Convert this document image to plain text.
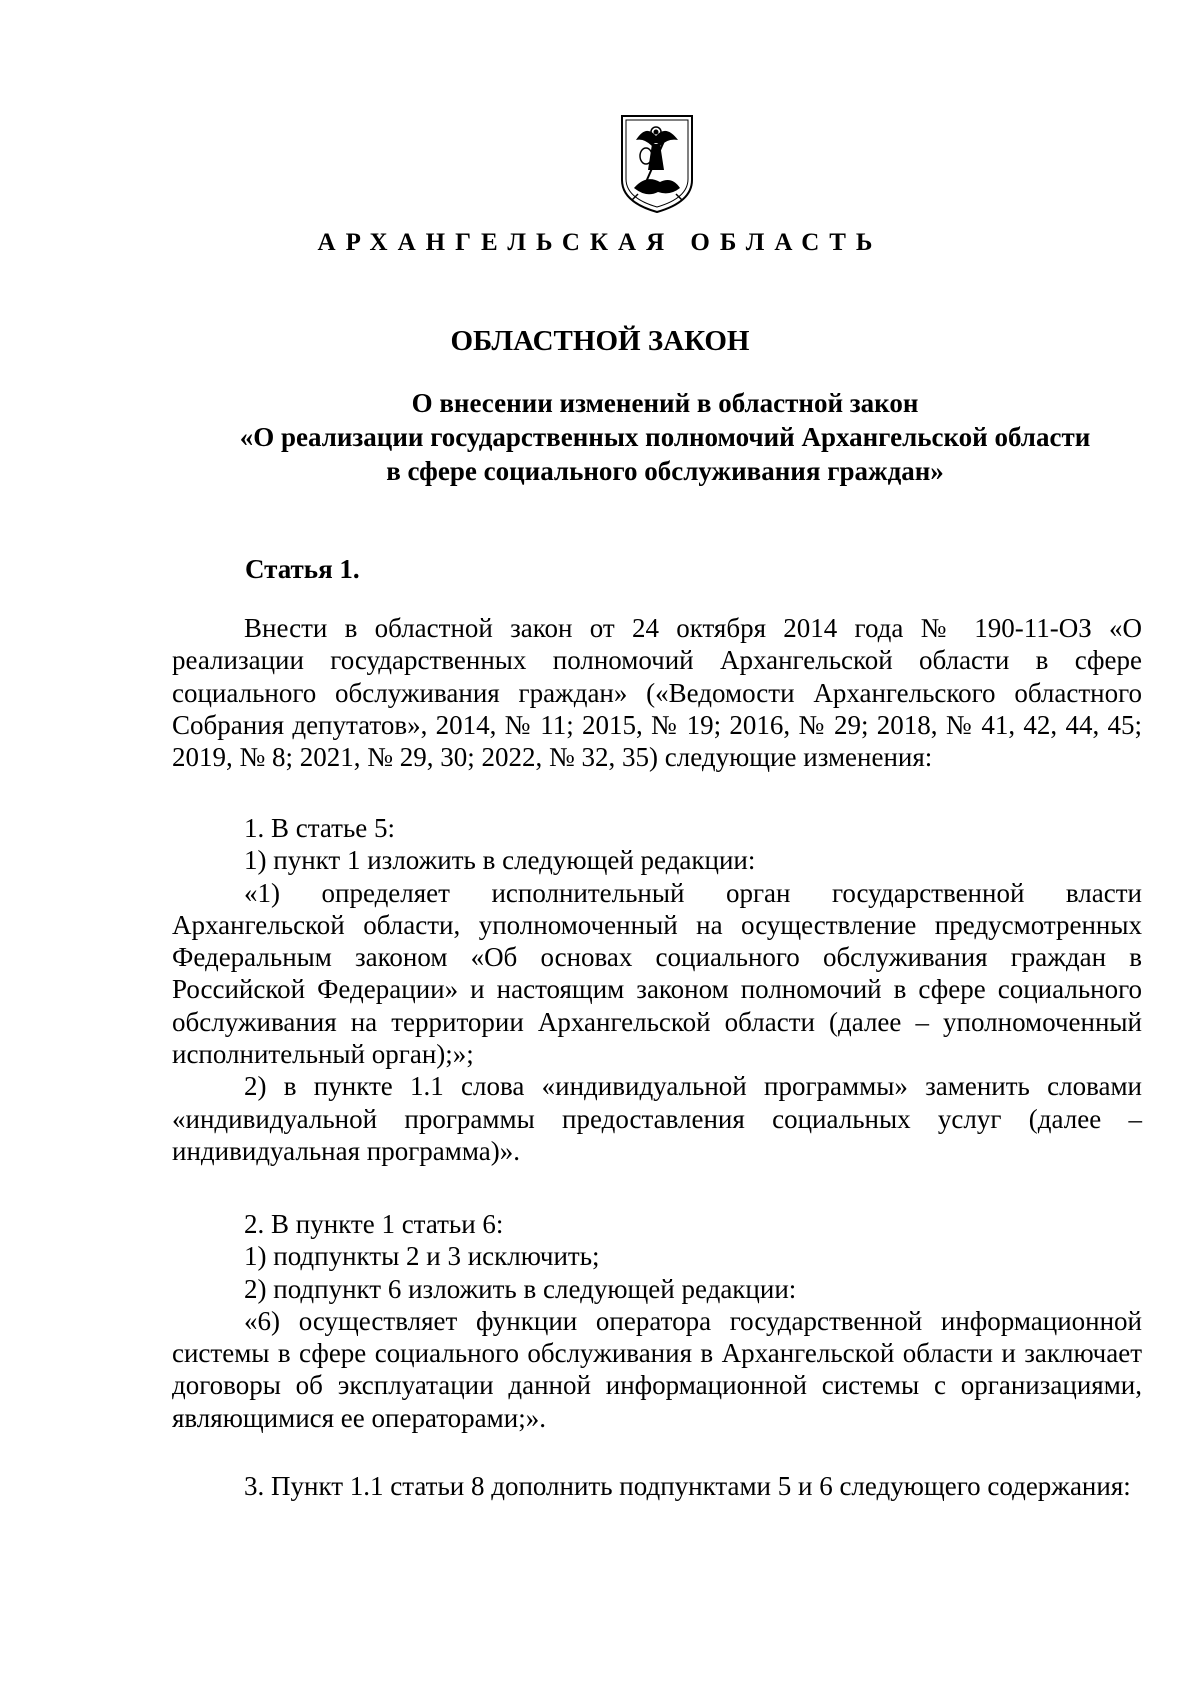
АРХАНГЕЛЬСКАЯ ОБЛАСТЬ
ОБЛАСТНОЙ ЗАКОН
О внесении изменений в областной закон
«О реализации государственных полномочий Архангельской области
в сфере социального обслуживания граждан»
Статья 1.

Внести в областной закон от 24 октября 2014 года № 190-11-ОЗ «О реализации государственных полномочий Архангельской области в сфере социального обслуживания граждан» («Ведомости Архангельского областного Собрания депутатов», 2014, № 11; 2015, № 19; 2016, № 29; 2018, № 41, 42, 44, 45; 2019, № 8; 2021, № 29, 30; 2022, № 32, 35) следующие изменения:

1. В статье 5:

1) пункт 1 изложить в следующей редакции:

«1) определяет исполнительный орган государственной власти Архангельской области, уполномоченный на осуществление предусмотренных Федеральным законом «Об основах социального обслуживания граждан в Российской Федерации» и настоящим законом полномочий в сфере социального обслуживания на территории Архангельской области (далее – уполномоченный исполнительный орган);»;

2) в пункте 1.1 слова «индивидуальной программы» заменить словами «индивидуальной программы предоставления социальных услуг (далее – индивидуальная программа)».

2. В пункте 1 статьи 6:

1) подпункты 2 и 3 исключить;

2) подпункт 6 изложить в следующей редакции:

«6) осуществляет функции оператора государственной информационной системы в сфере социального обслуживания в Архангельской области и заключает договоры об эксплуатации данной информационной системы с организациями, являющимися ее операторами;».

3. Пункт 1.1 статьи 8 дополнить подпунктами 5 и 6 следующего содержания:
